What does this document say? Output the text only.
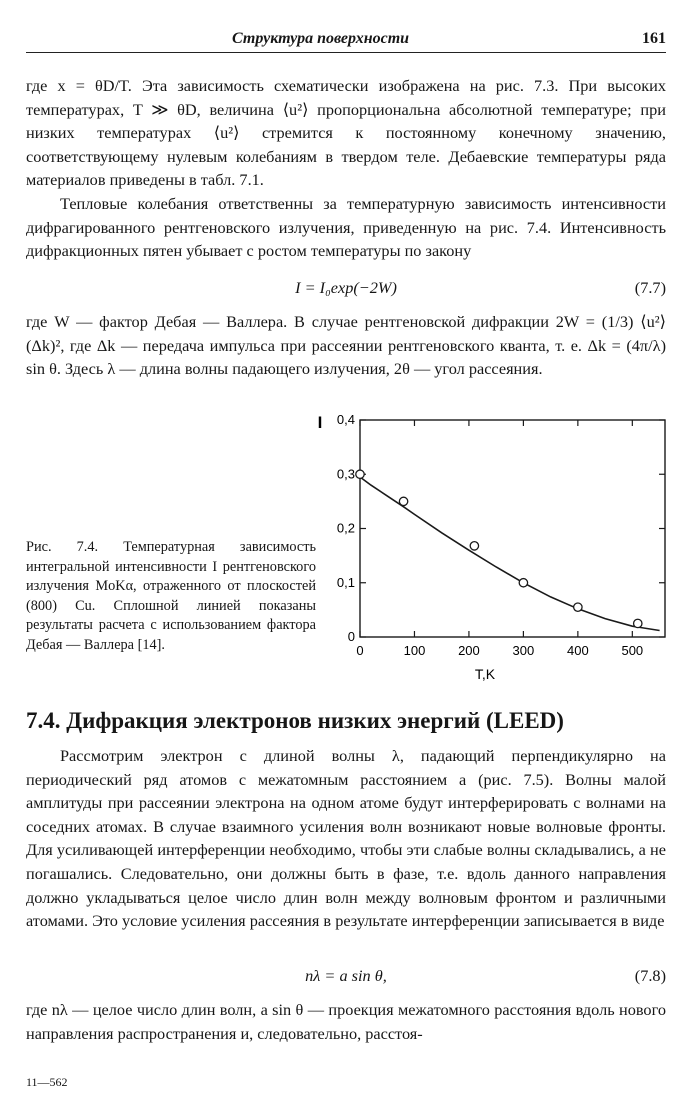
Структура поверхности	161
где x = θD/T. Эта зависимость схематически изображена на рис. 7.3. При высоких температурах, T ≫ θD, величина ⟨u²⟩ пропорциональна абсолютной температуре; при низких температурах ⟨u²⟩ стремится к постоянному конечному значению, соответствующему нулевым колебаниям в твердом теле. Дебаевские температуры ряда материалов приведены в табл. 7.1.
Тепловые колебания ответственны за температурную зависимость интенсивности дифрагированного рентгеновского излучения, приведенную на рис. 7.4. Интенсивность дифракционных пятен убывает с ростом температуры по закону
I = I₀exp(−2W)	(7.7)
где W — фактор Дебая — Валлера. В случае рентгеновской дифракции 2W = (1/3) ⟨u²⟩ (Δk)², где Δk — передача импульса при рассеянии рентгеновского кванта, т. е. Δk = (4π/λ) sin θ. Здесь λ — длина волны падающего излучения, 2θ — угол рассеяния.
0	100	200	300	400	500
0
0,1
0,2
0,3
0,4
I
T,K
Рис. 7.4. Температурная зависимость интегральной интенсивности I рентгеновского излучения MoKα, отраженного от плоскостей (800) Cu. Сплошной линией показаны результаты расчета с использованием фактора Дебая — Валлера [14].
7.4. Дифракция электронов низких энергий (LEED)
Рассмотрим электрон с длиной волны λ, падающий перпендикулярно на периодический ряд атомов с межатомным расстоянием a (рис. 7.5). Волны малой амплитуды при рассеянии электрона на одном атоме будут интерферировать с волнами на соседних атомах. В случае взаимного усиления волн возникают новые волновые фронты. Для усиливающей интерференции необходимо, чтобы эти слабые волны складывались, а не погашались. Следовательно, они должны быть в фазе, т.е. вдоль данного направления должно укладываться целое число длин волн между волновым фронтом и различными атомами. Это условие усиления рассеяния в результате интерференции записывается в виде
nλ = a sin θ,	(7.8)
где nλ — целое число длин волн, a sin θ — проекция межатомного расстояния вдоль нового направления распространения и, следовательно, расстоя-
11—562
